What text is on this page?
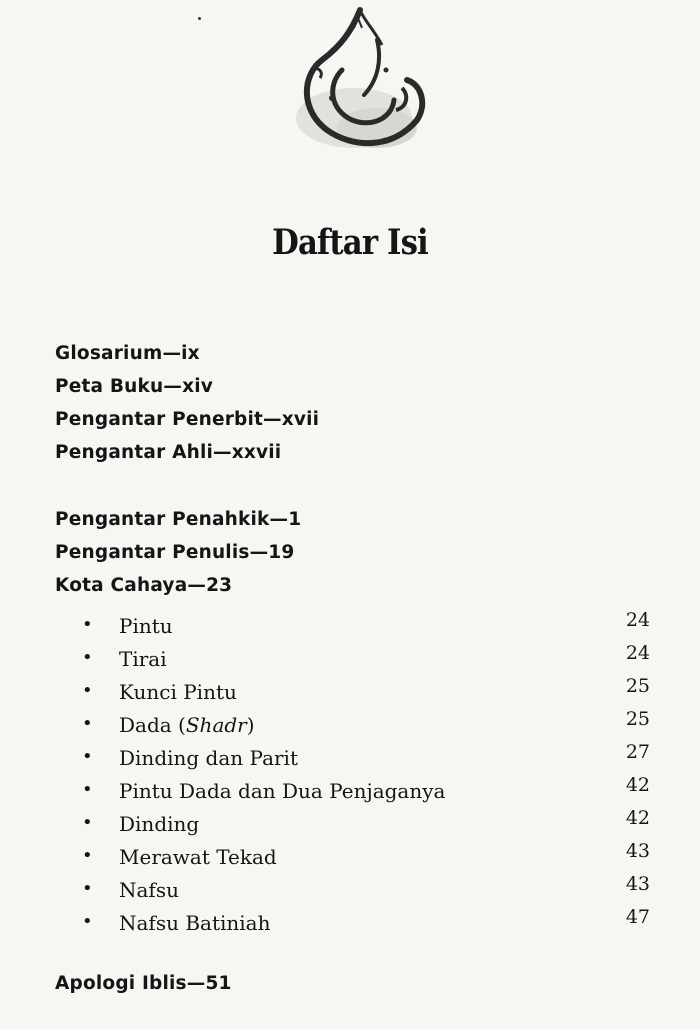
Daftar Isi
Glosarium—ix
Peta Buku—xiv
Pengantar Penerbit—xvii
Pengantar Ahli—xxvii
Pengantar Penahkik—1
Pengantar Penulis—19
Kota Cahaya—23
• Pintu	24
• Tirai	24
• Kunci Pintu	25
• Dada (Shadr)	25
• Dinding dan Parit	27
• Pintu Dada dan Dua Penjaganya	42
• Dinding	42
• Merawat Tekad	43
• Nafsu	43
• Nafsu Batiniah	47
Apologi Iblis—51
